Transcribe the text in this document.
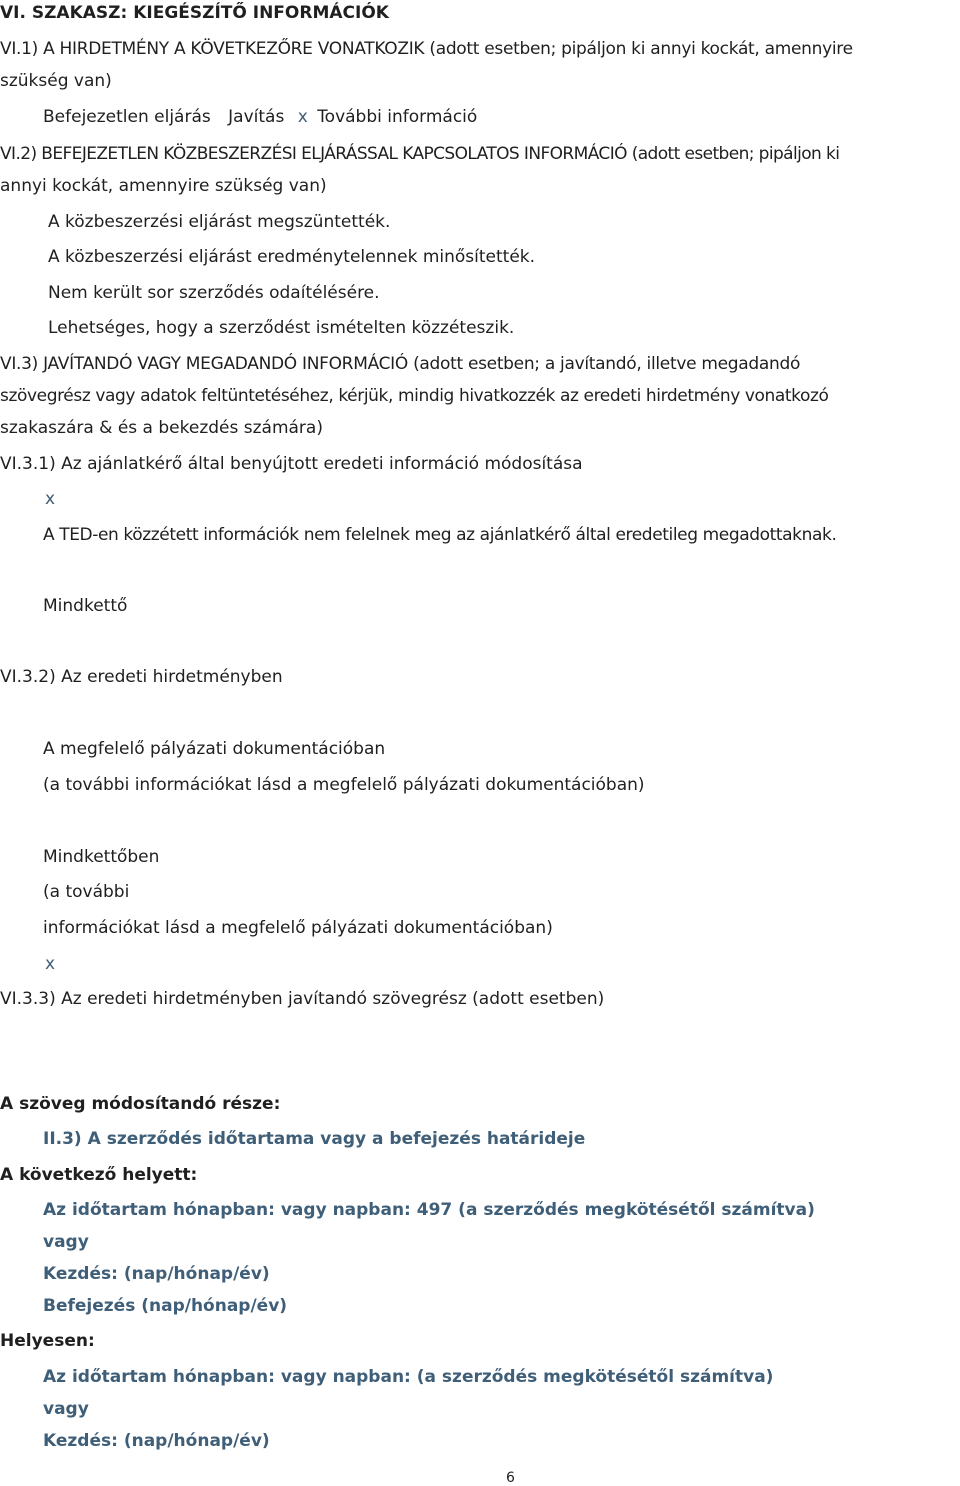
VI. SZAKASZ: KIEGÉSZÍTŐ INFORMÁCIÓK
VI.1) A HIRDETMÉNY A KÖVETKEZŐRE VONATKOZIK (adott esetben; pipáljon ki annyi kockát, amennyire
szükség van)
Befejezetlen eljárás Javítás x További információ
VI.2) BEFEJEZETLEN KÖZBESZERZÉSI ELJÁRÁSSAL KAPCSOLATOS INFORMÁCIÓ (adott esetben; pipáljon ki
annyi kockát, amennyire szükség van)
A közbeszerzési eljárást megszüntették.
A közbeszerzési eljárást eredménytelennek minősítették.
Nem került sor szerződés odaítélésére.
Lehetséges, hogy a szerződést ismételten közzéteszik.
VI.3) JAVÍTANDÓ VAGY MEGADANDÓ INFORMÁCIÓ (adott esetben; a javítandó, illetve megadandó
szövegrész vagy adatok feltüntetéséhez, kérjük, mindig hivatkozzék az eredeti hirdetmény vonatkozó
szakaszára & és a bekezdés számára)
VI.3.1) Az ajánlatkérő által benyújtott eredeti információ módosítása
x
A TED-en közzétett információk nem felelnek meg az ajánlatkérő által eredetileg megadottaknak.
Mindkettő
VI.3.2) Az eredeti hirdetményben
A megfelelő pályázati dokumentációban
(a további információkat lásd a megfelelő pályázati dokumentációban)
Mindkettőben
(a további
információkat lásd a megfelelő pályázati dokumentációban)
x
VI.3.3) Az eredeti hirdetményben javítandó szövegrész (adott esetben)
A szöveg módosítandó része:
II.3) A szerződés időtartama vagy a befejezés határideje
A következő helyett:
Az időtartam hónapban: vagy napban: 497 (a szerződés megkötésétől számítva)
vagy
Kezdés: (nap/hónap/év)
Befejezés (nap/hónap/év)
Helyesen:
Az időtartam hónapban: vagy napban: (a szerződés megkötésétől számítva)
vagy
Kezdés: (nap/hónap/év)
6
